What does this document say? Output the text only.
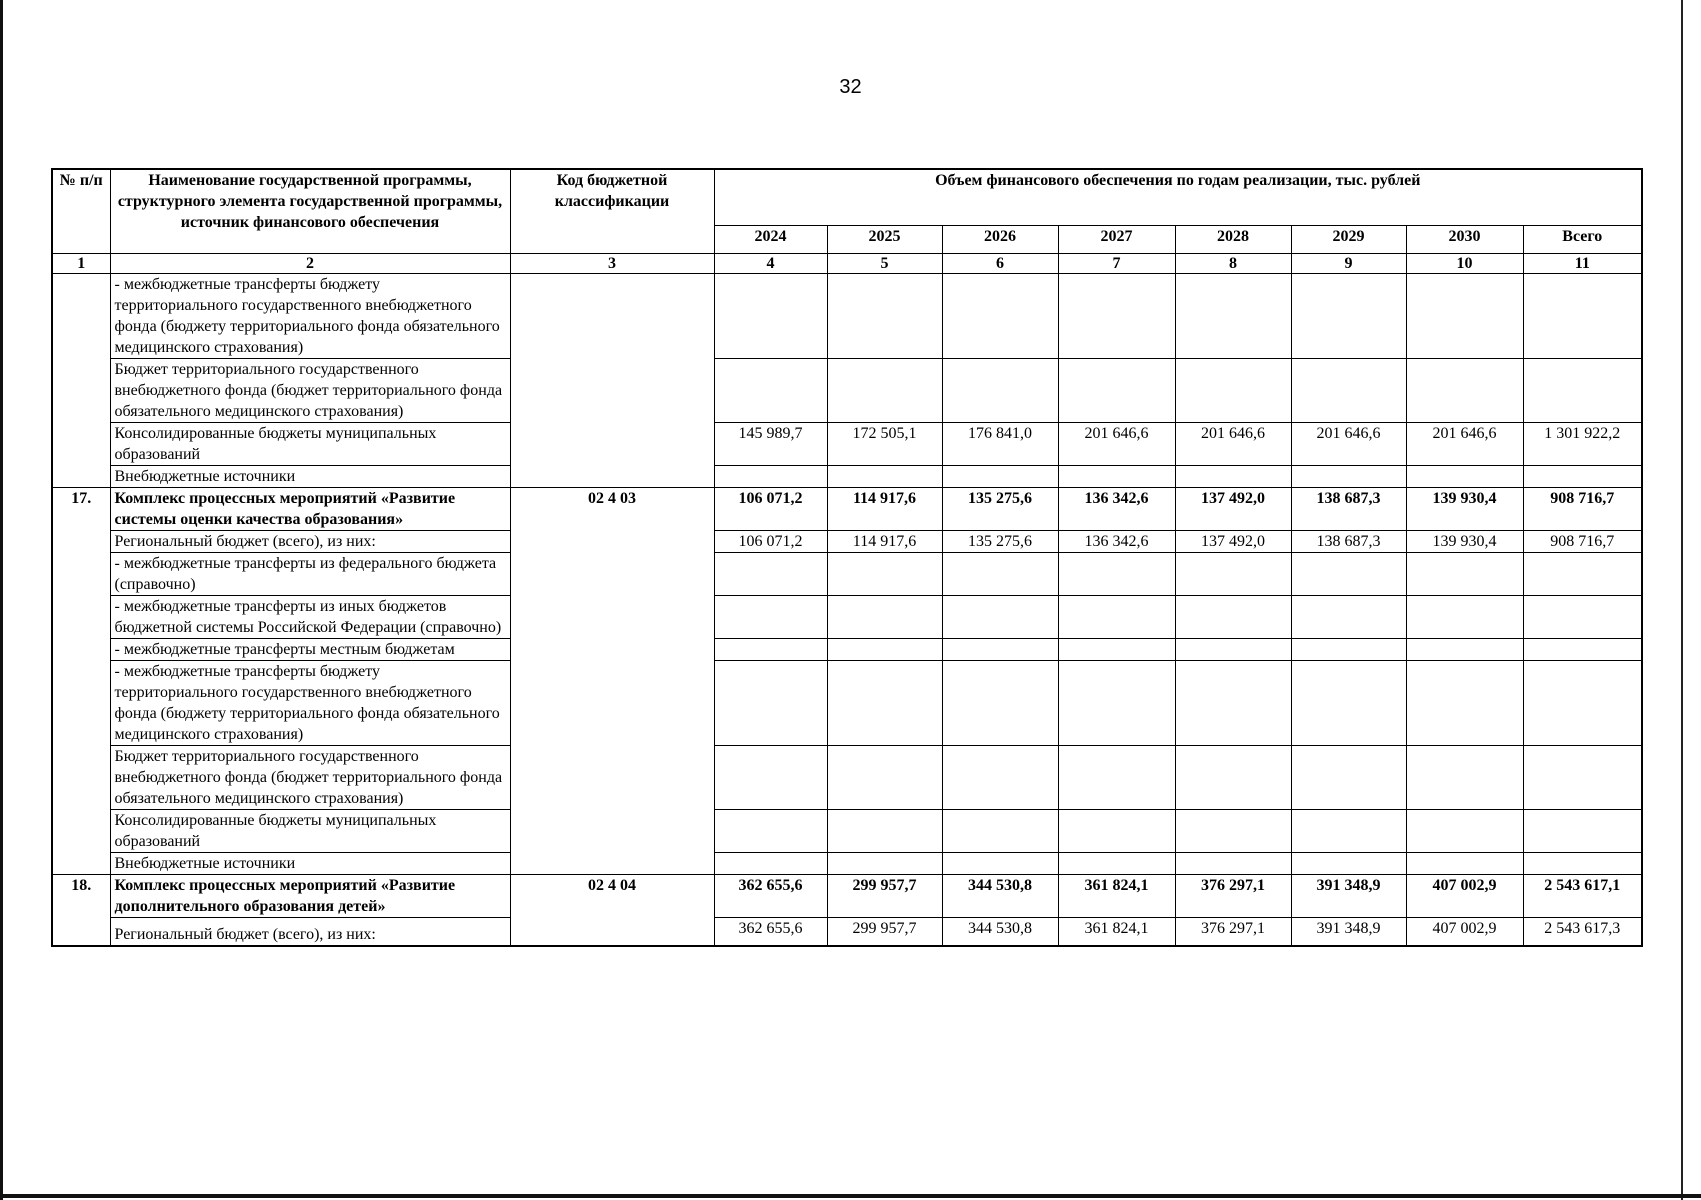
32
№ п/п	Наименование государственной программы, структурного элемента государственной программы, источник финансового обеспечения	Код бюджетной классификации	Объем финансового обеспечения по годам реализации, тыс. рублей							
			2024	2025	2026	2027	2028	2029	2030	Всего
1	2	3	4	5	6	7	8	9	10	11
	- межбюджетные трансферты бюджету территориального государственного внебюджетного фонда (бюджету территориального фонда обязательного медицинского страхования)									
	Бюджет территориального государственного внебюджетного фонда (бюджет территориального фонда обязательного медицинского страхования)									
	Консолидированные бюджеты муниципальных образований		145 989,7	172 505,1	176 841,0	201 646,6	201 646,6	201 646,6	201 646,6	1 301 922,2
	Внебюджетные источники									
17.	Комплекс процессных мероприятий «Развитие системы оценки качества образования»	02 4 03	106 071,2	114 917,6	135 275,6	136 342,6	137 492,0	138 687,3	139 930,4	908 716,7
	Региональный бюджет (всего), из них:		106 071,2	114 917,6	135 275,6	136 342,6	137 492,0	138 687,3	139 930,4	908 716,7
	- межбюджетные трансферты из федерального бюджета (справочно)									
	- межбюджетные трансферты из иных бюджетов бюджетной системы Российской Федерации (справочно)									
	- межбюджетные трансферты местным бюджетам									
	- межбюджетные трансферты бюджету территориального государственного внебюджетного фонда (бюджету территориального фонда обязательного медицинского страхования)									
	Бюджет территориального государственного внебюджетного фонда (бюджет территориального фонда обязательного медицинского страхования)									
	Консолидированные бюджеты муниципальных образований									
	Внебюджетные источники									
18.	Комплекс процессных мероприятий «Развитие дополнительного образования детей»	02 4 04	362 655,6	299 957,7	344 530,8	361 824,1	376 297,1	391 348,9	407 002,9	2 543 617,1
	Региональный бюджет (всего), из них:		362 655,6	299 957,7	344 530,8	361 824,1	376 297,1	391 348,9	407 002,9	2 543 617,3
